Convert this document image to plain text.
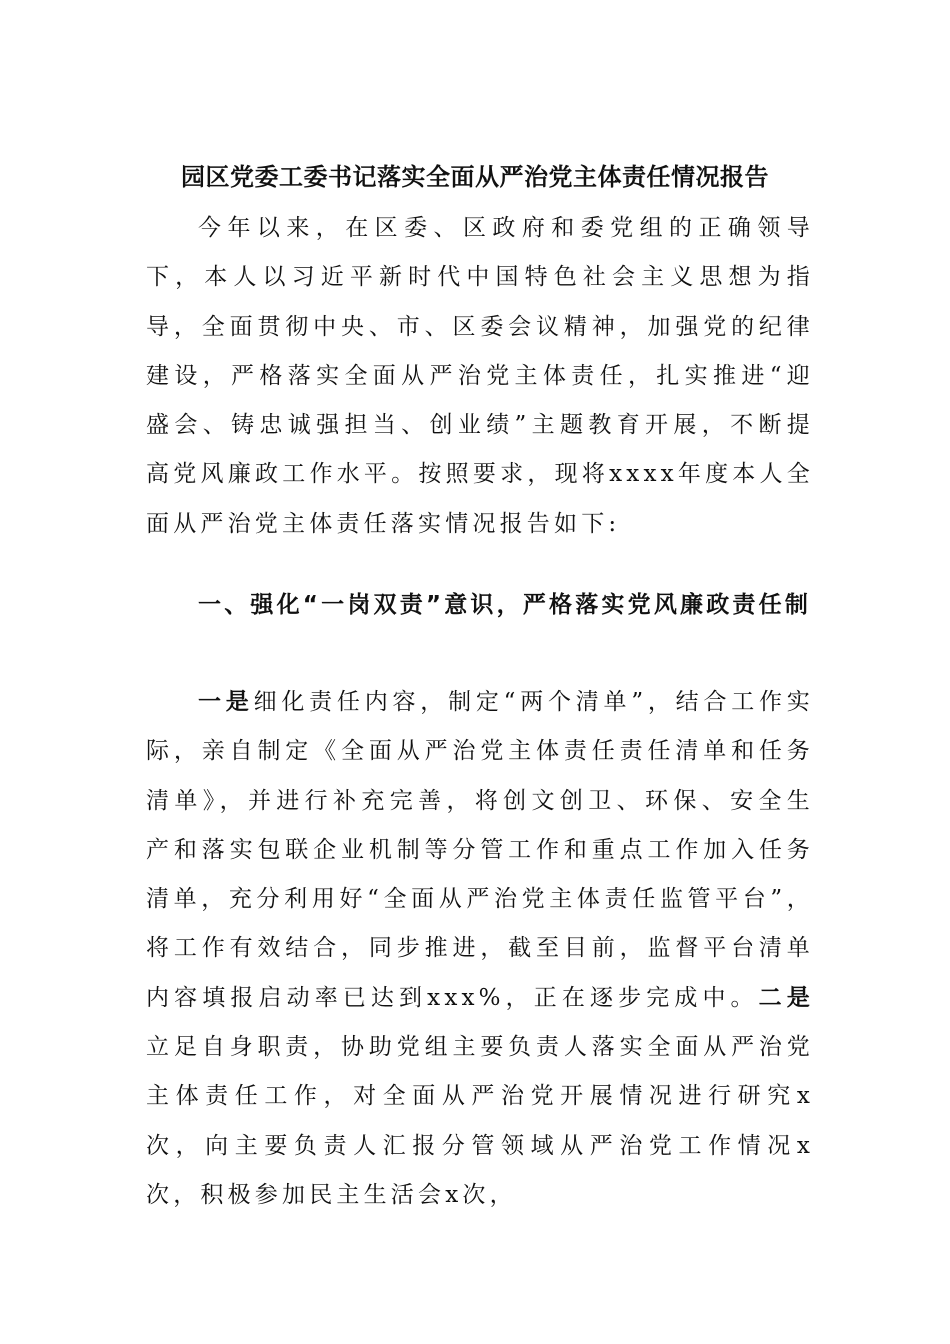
园区党委工委书记落实全面从严治党主体责任情况报告

今年以来，在区委、区政府和委党组的正确领导下，本人以习近平新时代中国特色社会主义思想为指导，全面贯彻中央、市、区委会议精神，加强党的纪律建设，严格落实全面从严治党主体责任，扎实推进“迎盛会、铸忠诚强担当、创业绩”主题教育开展，不断提高党风廉政工作水平。按照要求，现将xxxx年度本人全面从严治党主体责任落实情况报告如下:

一、强化“一岗双责”意识，严格落实党风廉政责任制

一是细化责任内容，制定“两个清单”，结合工作实际，亲自制定《全面从严治党主体责任责任清单和任务清单》，并进行补充完善，将创文创卫、环保、安全生产和落实包联企业机制等分管工作和重点工作加入任务清单，充分利用好“全面从严治党主体责任监管平台”，将工作有效结合，同步推进，截至目前，监督平台清单内容填报启动率已达到xxx%，正在逐步完成中。二是立足自身职责，协助党组主要负责人落实全面从严治党主体责任工作，对全面从严治党开展情况进行研究x次，向主要负责人汇报分管领域从严治党工作情况x次，积极参加民主生活会x次，
